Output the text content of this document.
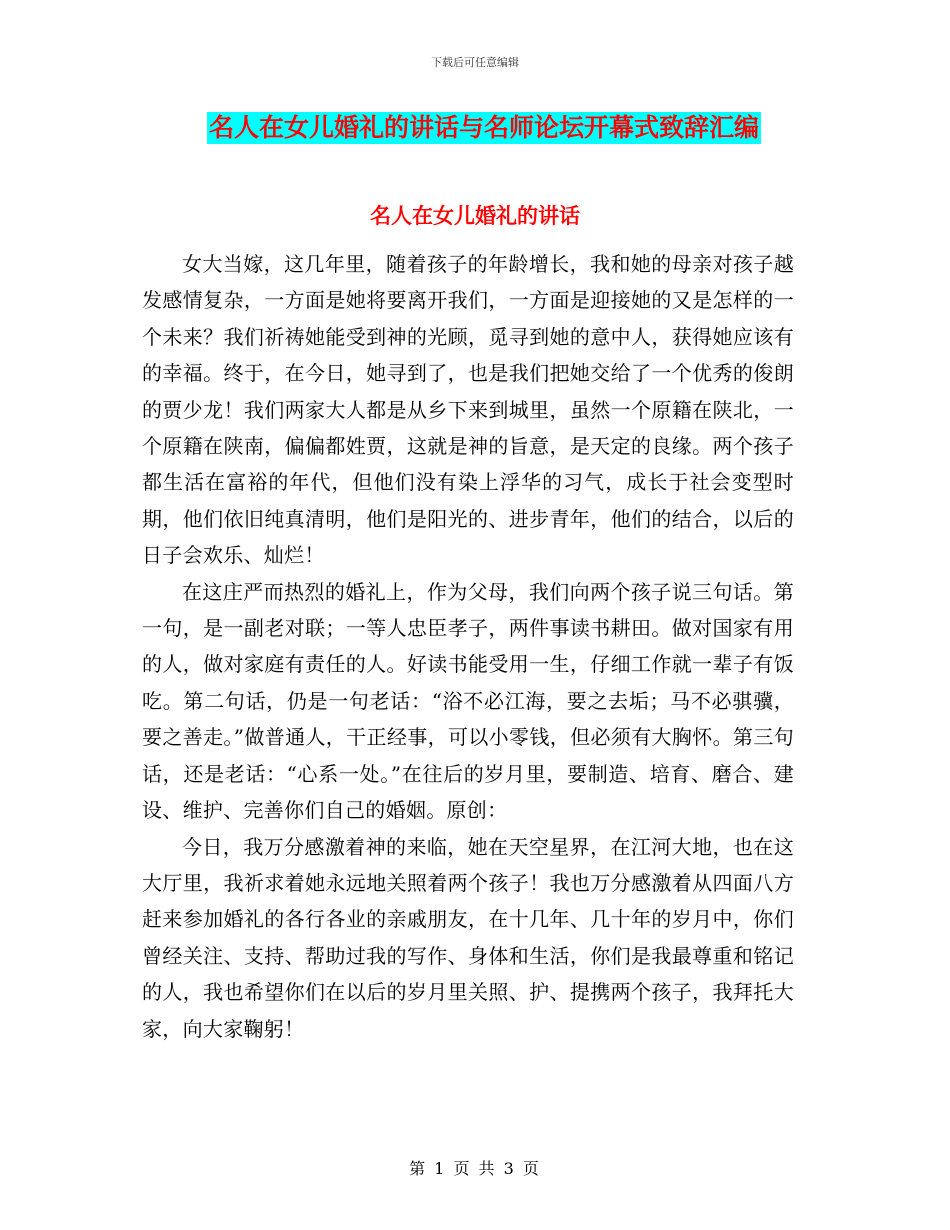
下载后可任意编辑
名人在女儿婚礼的讲话与名师论坛开幕式致辞汇编
名人在女儿婚礼的讲话

女大当嫁，这几年里，随着孩子的年龄增长，我和她的母亲对孩子越发感情复杂，一方面是她将要离开我们，一方面是迎接她的又是怎样的一个未来？我们祈祷她能受到神的光顾，觅寻到她的意中人，获得她应该有的幸福。终于，在今日，她寻到了，也是我们把她交给了一个优秀的俊朗的贾少龙！我们两家大人都是从乡下来到城里，虽然一个原籍在陕北，一个原籍在陕南，偏偏都姓贾，这就是神的旨意，是天定的良缘。两个孩子都生活在富裕的年代，但他们没有染上浮华的习气，成长于社会变型时期，他们依旧纯真清明，他们是阳光的、进步青年，他们的结合，以后的日子会欢乐、灿烂！

在这庄严而热烈的婚礼上，作为父母，我们向两个孩子说三句话。第一句，是一副老对联；一等人忠臣孝子，两件事读书耕田。做对国家有用的人，做对家庭有责任的人。好读书能受用一生，仔细工作就一辈子有饭吃。第二句话，仍是一句老话：“浴不必江海，要之去垢；马不必骐骥，要之善走。”做普通人，干正经事，可以小零钱，但必须有大胸怀。第三句话，还是老话：“心系一处。”在往后的岁月里，要制造、培育、磨合、建设、维护、完善你们自己的婚姻。原创：

今日，我万分感激着神的来临，她在天空星界，在江河大地，也在这大厅里，我祈求着她永远地关照着两个孩子！我也万分感激着从四面八方赶来参加婚礼的各行各业的亲戚朋友，在十几年、几十年的岁月中，你们曾经关注、支持、帮助过我的写作、身体和生活，你们是我最尊重和铭记的人，我也希望你们在以后的岁月里关照、护、提携两个孩子，我拜托大家，向大家鞠躬！

第 1 页 共 3 页
